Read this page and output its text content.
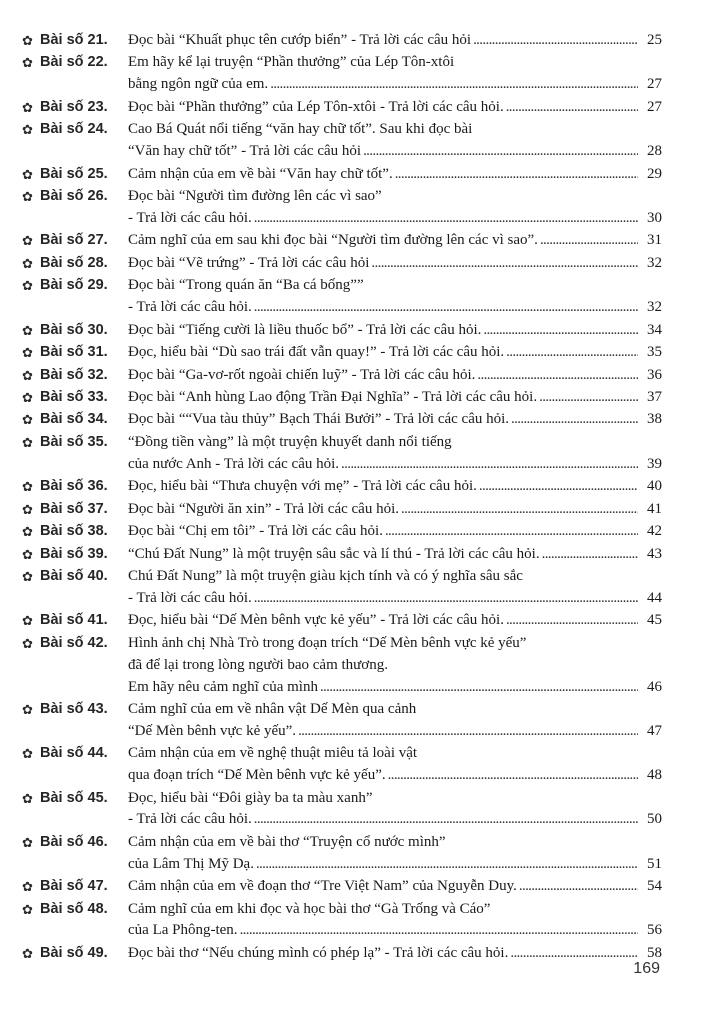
✿ Bài số 21.	Đọc bài “Khuất phục tên cướp biển” - Trả lời các câu hỏi . . .	25
✿ Bài số 22.	Em hãy kể lại truyện “Phần thưởng” của Lép Tôn-xtôi
bằng ngôn ngữ của em. . . .	27
✿ Bài số 23.	Đọc bài “Phần thưởng” của Lép Tôn-xtôi - Trả lời các câu hỏi. . . .	27
✿ Bài số 24.	Cao Bá Quát nổi tiếng “văn hay chữ tốt”. Sau khi đọc bài
“Văn hay chữ tốt” - Trả lời các câu hỏi . . .	28
✿ Bài số 25.	Cảm nhận của em về bài “Văn hay chữ tốt”. . . .	29
✿ Bài số 26.	Đọc bài “Người tìm đường lên các vì sao”
- Trả lời các câu hỏi. . . .	30
✿ Bài số 27.	Cảm nghĩ của em sau khi đọc bài “Người tìm đường lên các vì sao”. . . .	31
✿ Bài số 28.	Đọc bài “Vẽ trứng” - Trả lời các câu hỏi . . .	32
✿ Bài số 29.	Đọc bài “Trong quán ăn “Ba cá bống””
- Trả lời các câu hỏi. . . .	32
✿ Bài số 30.	Đọc bài “Tiếng cười là liều thuốc bổ” - Trả lời các câu hỏi. . . .	34
✿ Bài số 31.	Đọc, hiểu bài “Dù sao trái đất vẫn quay!” - Trả lời các câu hỏi. . . .	35
✿ Bài số 32.	Đọc bài “Ga-vơ-rốt ngoài chiến luỹ” - Trả lời các câu hỏi. . . .	36
✿ Bài số 33.	Đọc bài “Anh hùng Lao động Trần Đại Nghĩa” - Trả lời các câu hỏi. . . .	37
✿ Bài số 34.	Đọc bài ““Vua tàu thủy” Bạch Thái Bưởi” - Trả lời các câu hỏi. . . .	38
✿ Bài số 35.	“Đồng tiền vàng” là một truyện khuyết danh nổi tiếng
của nước Anh - Trả lời các câu hỏi. . . .	39
✿ Bài số 36.	Đọc, hiểu bài “Thưa chuyện với mẹ” - Trả lời các câu hỏi. . . .	40
✿ Bài số 37.	Đọc bài “Người ăn xin” - Trả lời các câu hỏi. . . .	41
✿ Bài số 38.	Đọc bài “Chị em tôi” - Trả lời các câu hỏi. . . .	42
✿ Bài số 39.	“Chú Đất Nung” là một truyện sâu sắc và lí thú - Trả lời các câu hỏi. . . .	43
✿ Bài số 40.	Chú Đất Nung” là một truyện giàu kịch tính và có ý nghĩa sâu sắc
- Trả lời các câu hỏi. . . .	44
✿ Bài số 41.	Đọc, hiểu bài “Dế Mèn bênh vực kẻ yếu” - Trả lời các câu hỏi. . . .	45
✿ Bài số 42.	Hình ảnh chị Nhà Trò trong đoạn trích “Dế Mèn bênh vực kẻ yếu”
đã để lại trong lòng người bao cảm thương.
Em hãy nêu cảm nghĩ của mình . . .	46
✿ Bài số 43.	Cảm nghĩ của em về nhân vật Dế Mèn qua cảnh
“Dế Mèn bênh vực kẻ yếu”. . . .	47
✿ Bài số 44.	Cảm nhận của em về nghệ thuật miêu tả loài vật
qua đoạn trích “Dế Mèn bênh vực kẻ yếu”. . . .	48
✿ Bài số 45.	Đọc, hiểu bài “Đôi giày ba ta màu xanh”
- Trả lời các câu hỏi. . . .	50
✿ Bài số 46.	Cảm nhận của em về bài thơ “Truyện cổ nước mình”
của Lâm Thị Mỹ Dạ. . . .	51
✿ Bài số 47.	Cảm nhận của em về đoạn thơ “Tre Việt Nam” của Nguyễn Duy. . . .	54
✿ Bài số 48.	Cảm nghĩ của em khi đọc và học bài thơ “Gà Trống và Cáo”
của La Phông-ten. . . .	56
✿ Bài số 49.	Đọc bài thơ “Nếu chúng mình có phép lạ” - Trả lời các câu hỏi. . . .	58
169
